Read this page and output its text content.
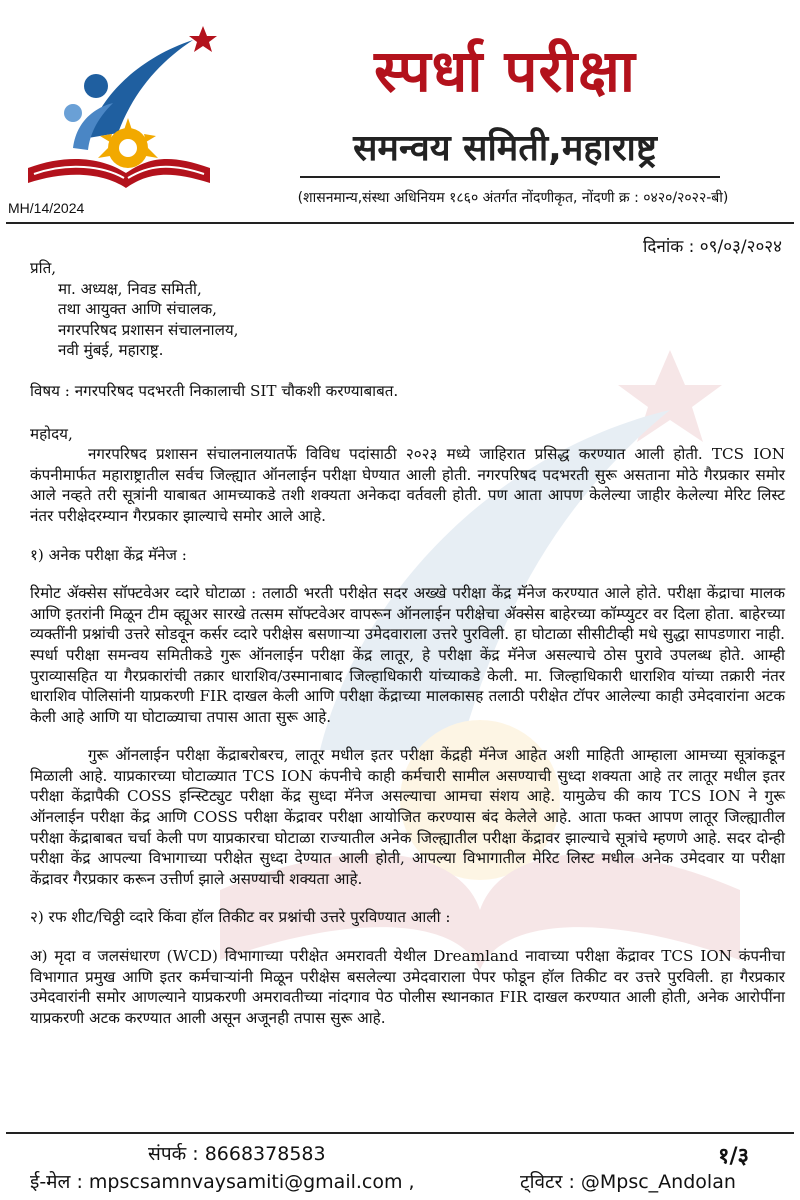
MH/14/2024
स्पर्धा परीक्षा
समन्वय समिती,महाराष्ट्र
(शासनमान्य,संस्था अधिनियम १८६० अंतर्गत नोंदणीकृत, नोंदणी क्र : ०४२०/२०२२-बी)
दिनांक : ०९/०३/२०२४
प्रति,
मा. अध्यक्ष, निवड समिती,
तथा आयुक्त आणि संचालक,
नगरपरिषद प्रशासन संचालनालय,
नवी मुंबई, महाराष्ट्र.
विषय : नगरपरिषद पदभरती निकालाची SIT चौकशी करण्याबाबत.
महोदय,

नगरपरिषद प्रशासन संचालनालयातर्फे विविध पदांसाठी २०२३ मध्ये जाहिरात प्रसिद्ध करण्यात आली होती. TCS ION कंपनीमार्फत महाराष्ट्रातील सर्वच जिल्ह्यात ऑनलाईन परीक्षा घेण्यात आली होती. नगरपरिषद पदभरती सुरू असताना मोठे गैरप्रकार समोर आले नव्हते तरी सूत्रांनी याबाबत आमच्याकडे तशी शक्यता अनेकदा वर्तवली होती. पण आता आपण केलेल्या जाहीर केलेल्या मेरिट लिस्ट नंतर परीक्षेदरम्यान गैरप्रकार झाल्याचे समोर आले आहे.

१) अनेक परीक्षा केंद्र मॅनेज :

रिमोट ॲक्सेस सॉफ्टवेअर व्दारे घोटाळा : तलाठी भरती परीक्षेत सदर अख्खे परीक्षा केंद्र मॅनेज करण्यात आले होते. परीक्षा केंद्राचा मालक आणि इतरांनी मिळून टीम व्ह्यूअर सारखे तत्सम सॉफ्टवेअर वापरून ऑनलाईन परीक्षेचा ॲक्सेस बाहेरच्या कॉम्प्युटर वर दिला होता. बाहेरच्या व्यक्तींनी प्रश्नांची उत्तरे सोडवून कर्सर व्दारे परीक्षेस बसणाऱ्या उमेदवाराला उत्तरे पुरविली. हा घोटाळा सीसीटीव्ही मधे सुद्धा सापडणारा नाही. स्पर्धा परीक्षा समन्वय समितीकडे गुरू ऑनलाईन परीक्षा केंद्र लातूर, हे परीक्षा केंद्र मॅनेज असल्याचे ठोस पुरावे उपलब्ध होते. आम्ही पुराव्यासहित या गैरप्रकारांची तक्रार धाराशिव/उस्मानाबाद जिल्हाधिकारी यांच्याकडे केली. मा. जिल्हाधिकारी धाराशिव यांच्या तक्रारी नंतर धाराशिव पोलिसांनी याप्रकरणी FIR दाखल केली आणि परीक्षा केंद्राच्या मालकासह तलाठी परीक्षेत टॉपर आलेल्या काही उमेदवारांना अटक केली आहे आणि या घोटाळ्याचा तपास आता सुरू आहे.

गुरू ऑनलाईन परीक्षा केंद्राबरोबरच, लातूर मधील इतर परीक्षा केंद्रही मॅनेज आहेत अशी माहिती आम्हाला आमच्या सूत्रांकडून मिळाली आहे. याप्रकारच्या घोटाळ्यात TCS ION कंपनीचे काही कर्मचारी सामील असण्याची सुध्दा शक्यता आहे तर लातूर मधील इतर परीक्षा केंद्रापैकी COSS इन्स्टिट्युट परीक्षा केंद्र सुध्दा मॅनेज असल्याचा आमचा संशय आहे. यामुळेच की काय TCS ION ने गुरू ऑनलाईन परीक्षा केंद्र आणि COSS परीक्षा केंद्रावर परीक्षा आयोजित करण्यास बंद केलेले आहे. आता फक्त आपण लातूर जिल्ह्यातील परीक्षा केंद्राबाबत चर्चा केली पण याप्रकारचा घोटाळा राज्यातील अनेक जिल्ह्यातील परीक्षा केंद्रावर झाल्याचे सूत्रांचे म्हणणे आहे. सदर दोन्ही परीक्षा केंद्र आपल्या विभागाच्या परीक्षेत सुध्दा देण्यात आली होती, आपल्या विभागातील मेरिट लिस्ट मधील अनेक उमेदवार या परीक्षा केंद्रावर गैरप्रकार करून उत्तीर्ण झाले असण्याची शक्यता आहे.

२) रफ शीट/चिठ्ठी व्दारे किंवा हॉल तिकीट वर प्रश्नांची उत्तरे पुरविण्यात आली :

अ) मृदा व जलसंधारण (WCD) विभागाच्या परीक्षेत अमरावती येथील Dreamland नावाच्या परीक्षा केंद्रावर TCS ION कंपनीचा विभागात प्रमुख आणि इतर कर्मचाऱ्यांनी मिळून परीक्षेस बसलेल्या उमेदवाराला पेपर फोडून हॉल तिकीट वर उत्तरे पुरविली. हा गैरप्रकार उमेदवारांनी समोर आणल्याने याप्रकरणी अमरावतीच्या नांदगाव पेठ पोलीस स्थानकात FIR दाखल करण्यात आली होती, अनेक आरोपींना याप्रकरणी अटक करण्यात आली असून अजूनही तपास सुरू आहे.

संपर्क : 8668378583	१/३
ई-मेल : mpscsamnvaysamiti@gmail.com ,	ट्विटर : @Mpsc_Andolan
